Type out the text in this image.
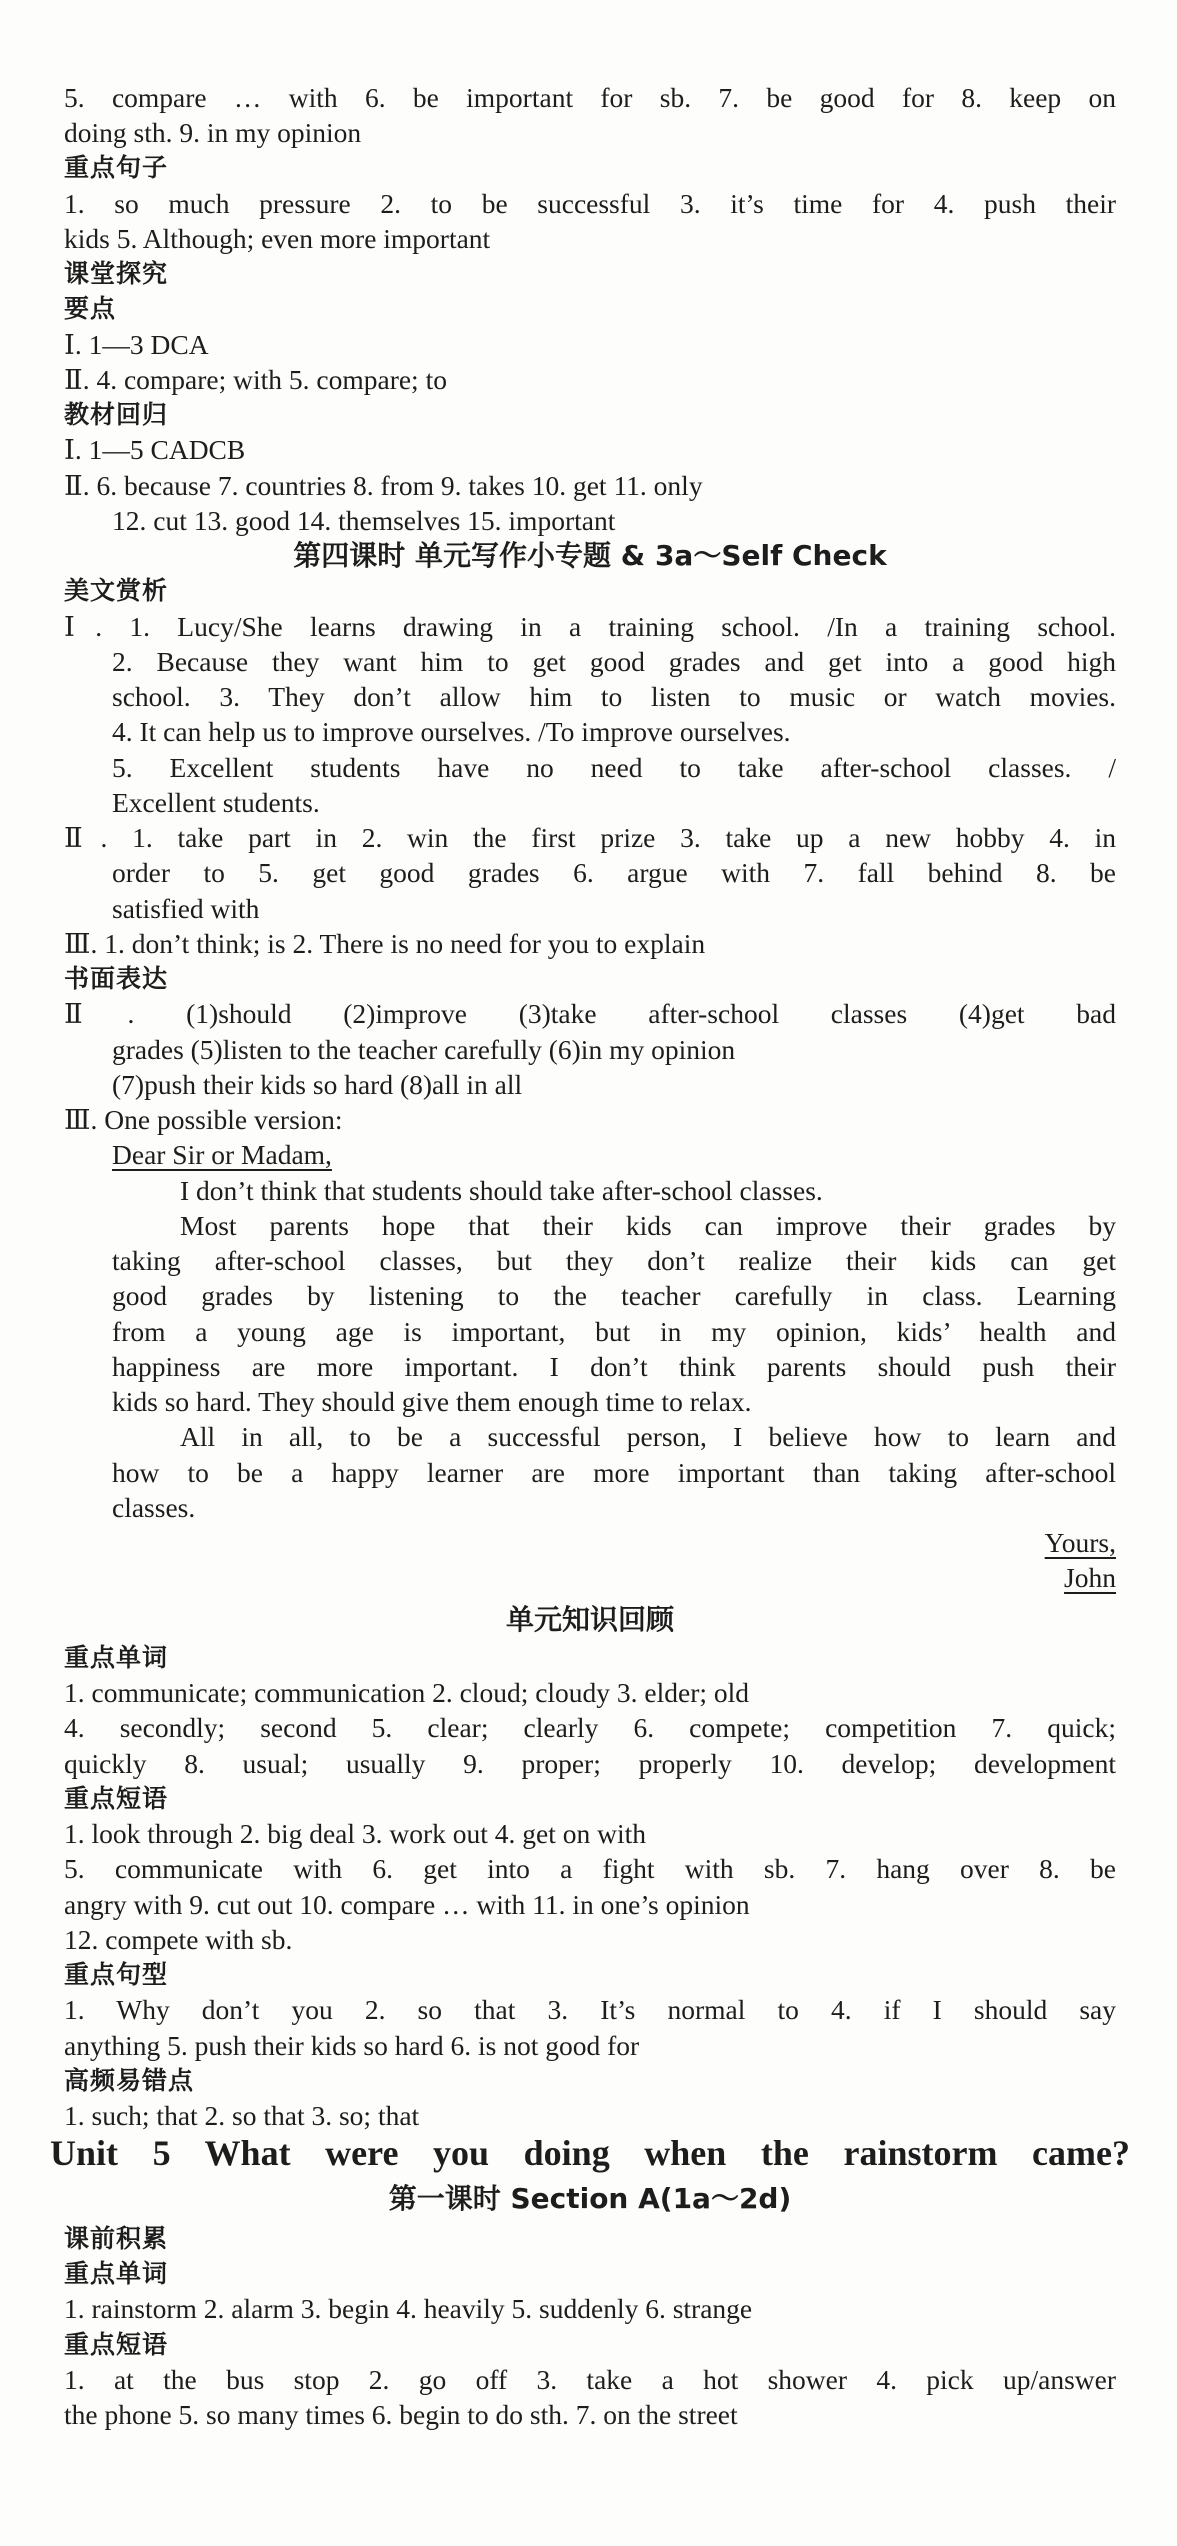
5. compare … with 6. be important for sb. 7. be good for 8. keep on
doing sth. 9. in my opinion
重点句子
1. so much pressure 2. to be successful 3. it’s time for 4. push their
kids 5. Although; even more important
课堂探究
要点
Ⅰ. 1—3 DCA
Ⅱ. 4. compare; with 5. compare; to
教材回归
Ⅰ. 1—5 CADCB
Ⅱ. 6. because 7. countries 8. from 9. takes 10. get 11. only
12. cut 13. good 14. themselves 15. important
第四课时 单元写作小专题 & 3a～Self Check
美文赏析
Ⅰ. 1. Lucy/She learns drawing in a training school. /In a training school.
2. Because they want him to get good grades and get into a good high
school. 3. They don’t allow him to listen to music or watch movies.
4. It can help us to improve ourselves. /To improve ourselves.
5. Excellent students have no need to take after-school classes. /
Excellent students.
Ⅱ. 1. take part in 2. win the first prize 3. take up a new hobby 4. in
order to 5. get good grades 6. argue with 7. fall behind 8. be
satisfied with
Ⅲ. 1. don’t think; is 2. There is no need for you to explain
书面表达
Ⅱ. (1)should (2)improve (3)take after-school classes (4)get bad
grades (5)listen to the teacher carefully (6)in my opinion
(7)push their kids so hard (8)all in all
Ⅲ. One possible version:
Dear Sir or Madam,
I don’t think that students should take after-school classes.
Most parents hope that their kids can improve their grades by
taking after-school classes, but they don’t realize their kids can get
good grades by listening to the teacher carefully in class. Learning
from a young age is important, but in my opinion, kids’ health and
happiness are more important. I don’t think parents should push their
kids so hard. They should give them enough time to relax.
All in all, to be a successful person, I believe how to learn and
how to be a happy learner are more important than taking after-school
classes.
Yours,
John
单元知识回顾
重点单词
1. communicate; communication 2. cloud; cloudy 3. elder; old
4. secondly; second 5. clear; clearly 6. compete; competition 7. quick;
quickly 8. usual; usually 9. proper; properly 10. develop; development
重点短语
1. look through 2. big deal 3. work out 4. get on with
5. communicate with 6. get into a fight with sb. 7. hang over 8. be
angry with 9. cut out 10. compare … with 11. in one’s opinion
12. compete with sb.
重点句型
1. Why don’t you 2. so that 3. It’s normal to 4. if I should say
anything 5. push their kids so hard 6. is not good for
高频易错点
1. such; that 2. so that 3. so; that
Unit 5 What were you doing when the rainstorm came?
第一课时 Section A(1a～2d)
课前积累
重点单词
1. rainstorm 2. alarm 3. begin 4. heavily 5. suddenly 6. strange
重点短语
1. at the bus stop 2. go off 3. take a hot shower 4. pick up/answer
the phone 5. so many times 6. begin to do sth. 7. on the street
